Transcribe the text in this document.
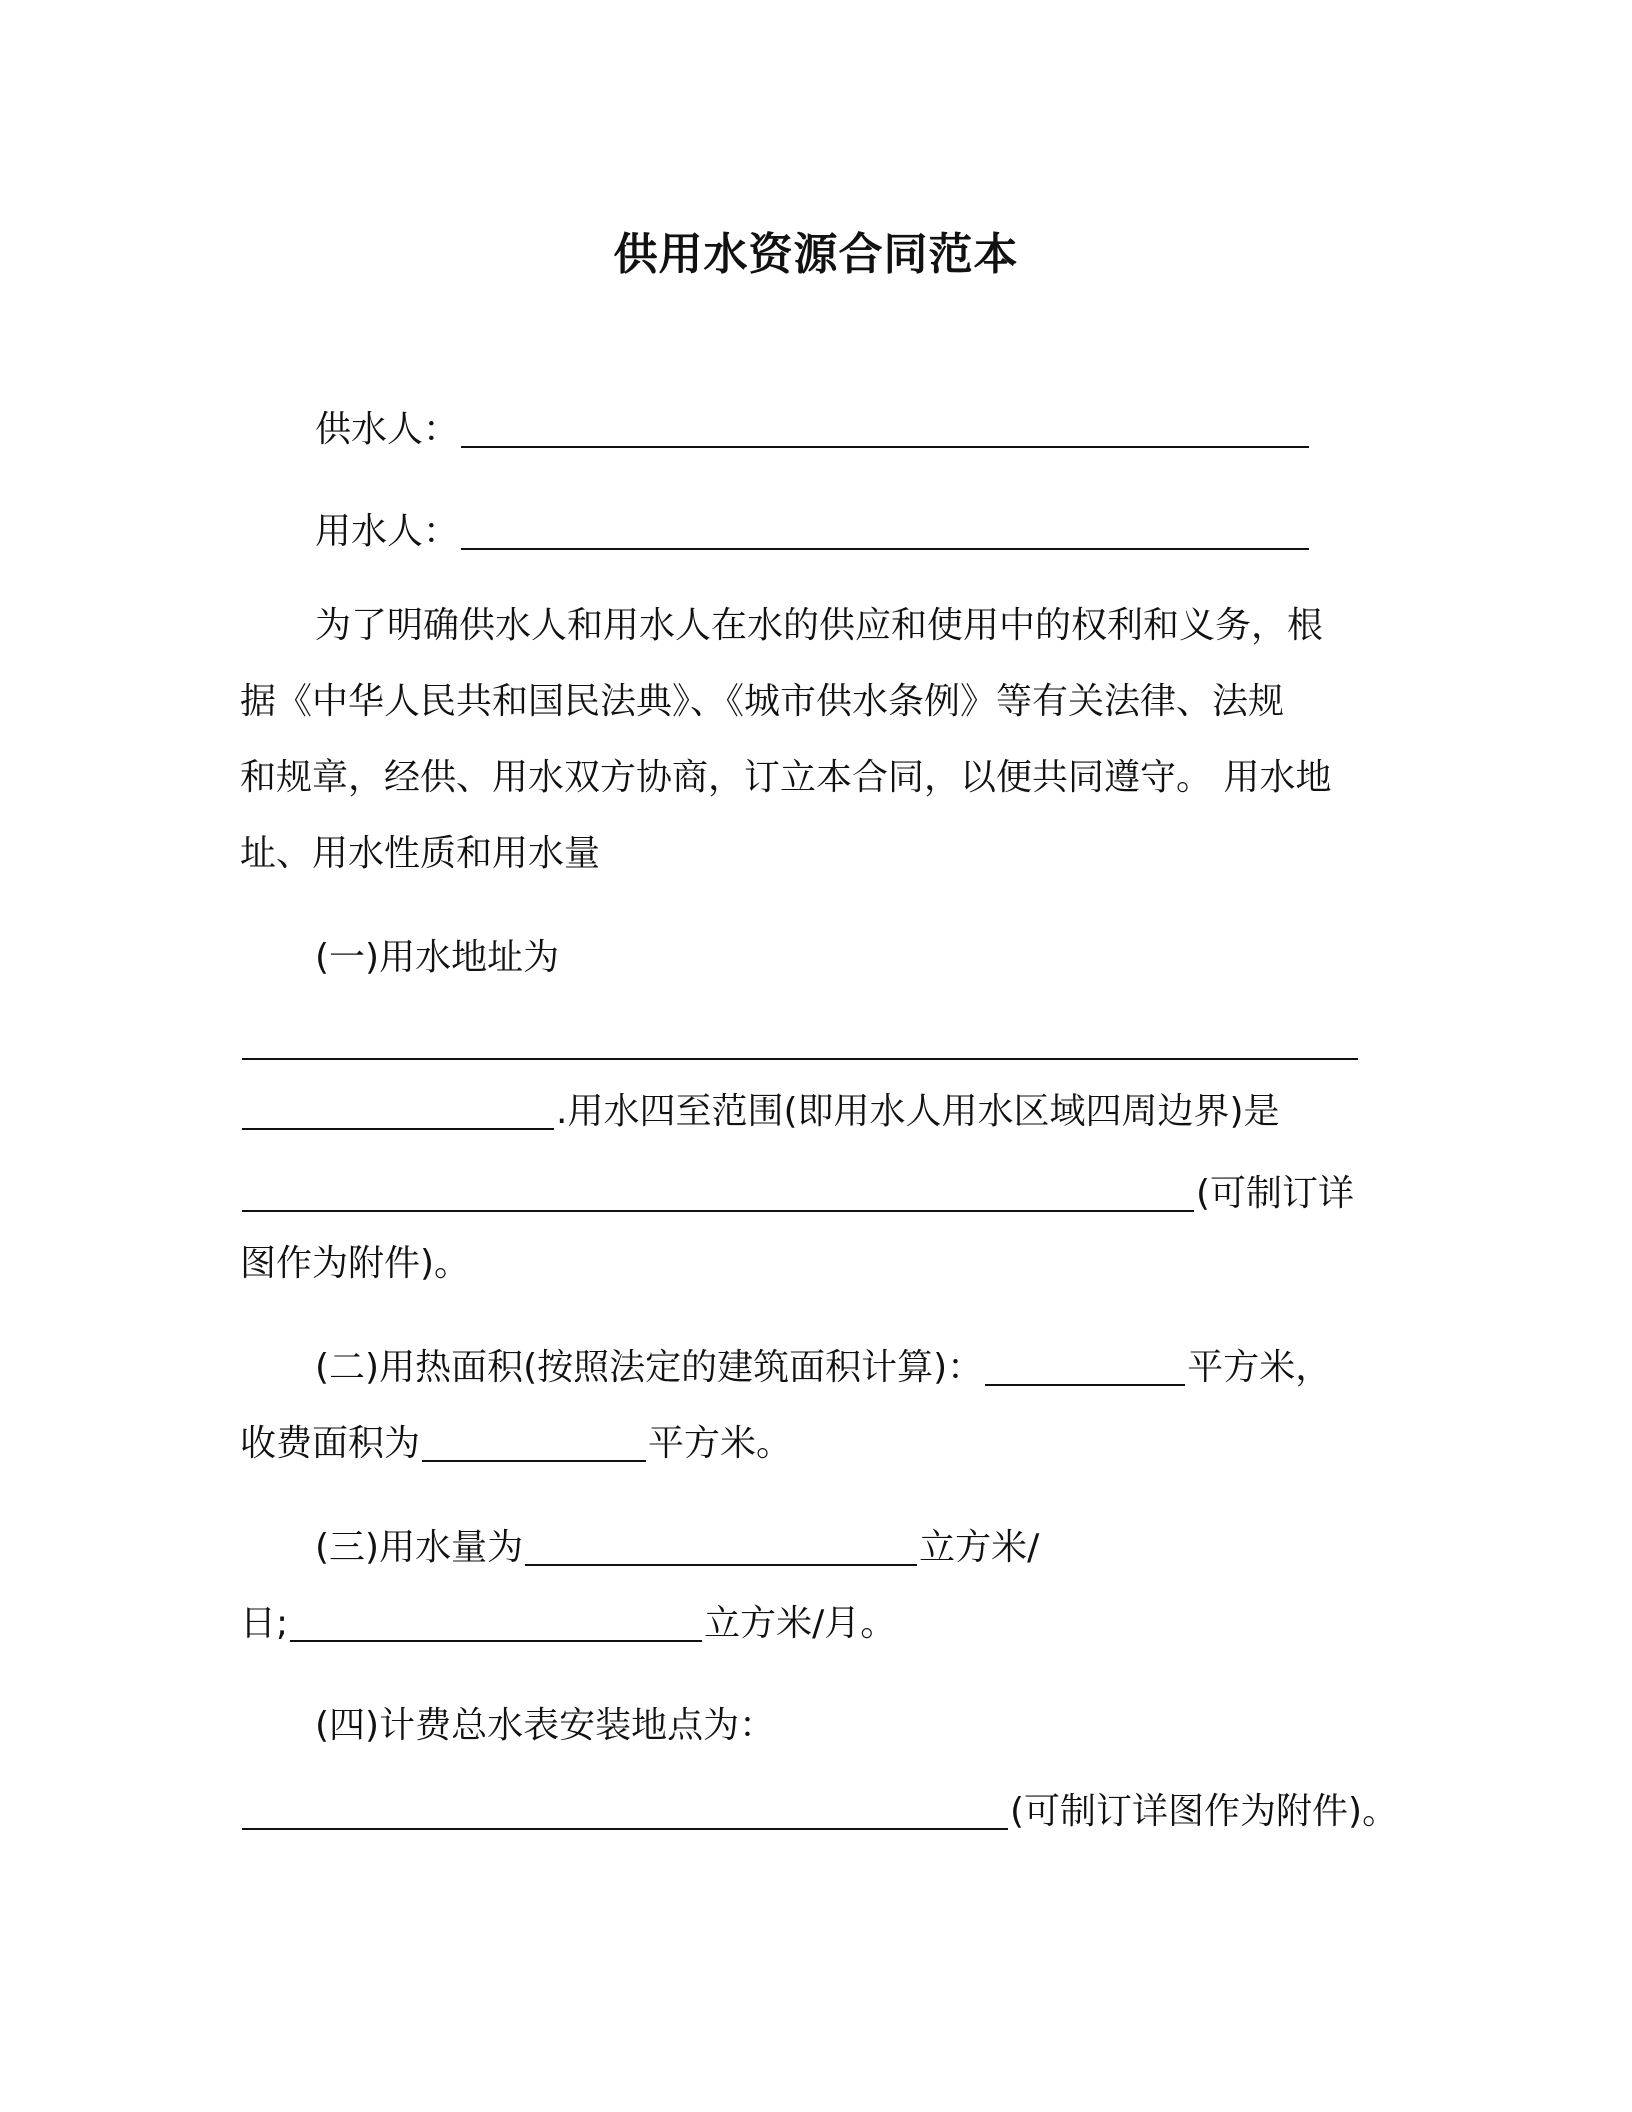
供用水资源合同范本
供水人：
用水人：
为了明确供水人和用水人在水的供应和使用中的权利和义务，根
据《中华人民共和国民法典》、《城市供水条例》等有关法律、法规
和规章，经供、用水双方协商，订立本合同，以便共同遵守。 用水地
址、用水性质和用水量
(一)用水地址为
.用水四至范围(即用水人用水区域四周边界)是
(可制订详
图作为附件)。
(二)用热面积(按照法定的建筑面积计算)：	平方米，
收费面积为	平方米。
(三)用水量为	立方米/
日;	立方米/月。
(四)计费总水表安装地点为：
(可制订详图作为附件)。
